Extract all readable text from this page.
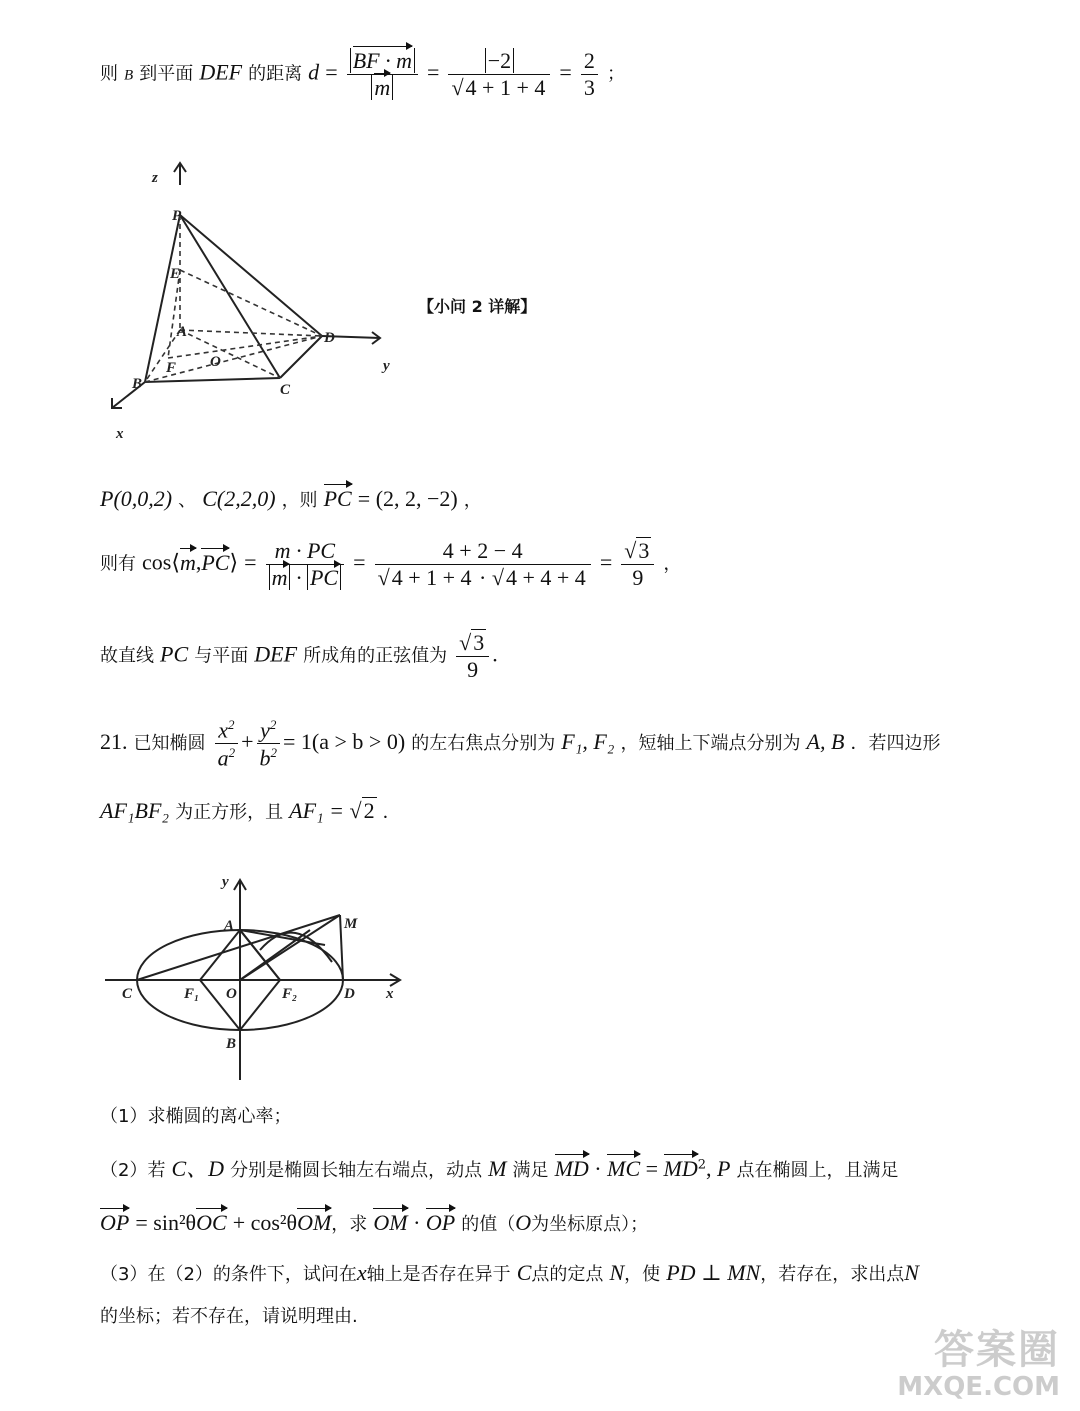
则 B 到平面 DEF 的距离 $d = \frac{BF \cdot m}{m} = \frac{-2}{√4 + 1 + 4} = \frac{2}{3}$ ；
z
P
E
A
O
F
B	C
D
y
x
【小问 2 详解】
P(0,0,2) 、 C(2,2,0) ，则 PC = (2, 2, −2) ，
则有 cos⟨m,PC⟩ = $\frac{m \cdot PC}{m \cdot PC} = \frac{4 + 2 - 4}{√4 + 1 + 4 \cdot √4 + 4 + 4} = \frac{√3}{9}$ ，
故直线 PC 与平面 DEF 所成角的正弦值为 $\frac{√3}{9}$ .
21. 已知椭圆 $\frac{x^2}{a^2} + \frac{y^2}{b^2} = 1(a > b > 0)$ 的左右焦点分别为 F₁, F₂ ，短轴上下端点分别为 A, B ．若四边形
AF₁BF₂ 为正方形，且 AF₁ = √2 ．
y
A	M
C	F₁ O	F₂	D x
B
（1）求椭圆的离心率；
（2）若 C、D 分别是椭圆长轴左右端点，动点 M 满足 MD · MC = $MD^2$, P 点在椭圆上，且满足
OP = sin²θOC + cos²θOM，求 OM · OP 的值（O为坐标原点）；
（3）在（2）的条件下，试问在x轴上是否存在异于 C点的定点 N，使 PD ⊥ MN，若存在，求出点N
的坐标；若不存在，请说明理由.
答案圈
MXQE.COM
